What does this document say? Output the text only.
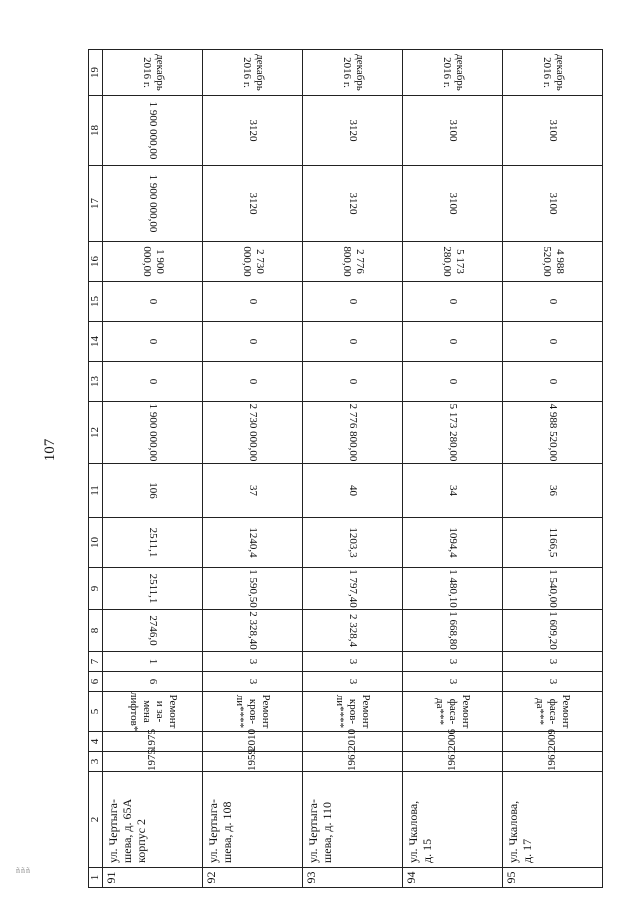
107
ñññ
1	2	3	4	5	6	7	8	9	10	11	12	13	14	15	16	17	18	19
91	ул. Чертыга-
шева, д. 65А
корпус 2	1975	1975	Ремонт и за-
мена лифтов*	6	1	2746,0	2511,1	2511,1	106	1 900 000,00	0	0	0	1 900 000,00	1 900 000,00	1 900 000,00	декабрь
2016 г.

92	ул. Чертыга-
шева, д. 108	1959	2010	Ремонт кров-
ли****	3	3	2 328,40	1 590,50	1240,4	37	2 730 000,00	0	0	0	2 730 000,00	3120	3120	декабрь
2016 г.

93	ул. Чертыга-
шева, д. 110	1961	2010	Ремонт кров-
ли****	3	3	2 328,4	1 797,40	1203,3	40	2 776 800,00	0	0	0	2 776 800,00	3120	3120	декабрь
2016 г.

94	ул. Чкалова,
д. 15	1961	2006	Ремонт фаса-
да***	3	3	1 668,80	1 480,10	1094,4	34	5 173 280,00	0	0	0	5 173 280,00	3100	3100	декабрь
2016 г.

95	ул. Чкалова,
д. 17	1961	2009	Ремонт фаса-
да***	3	3	1 609,20	1 540,00	1166,5	36	4 988 520,00	0	0	0	4 988 520,00	3100	3100	декабрь
2016 г.
